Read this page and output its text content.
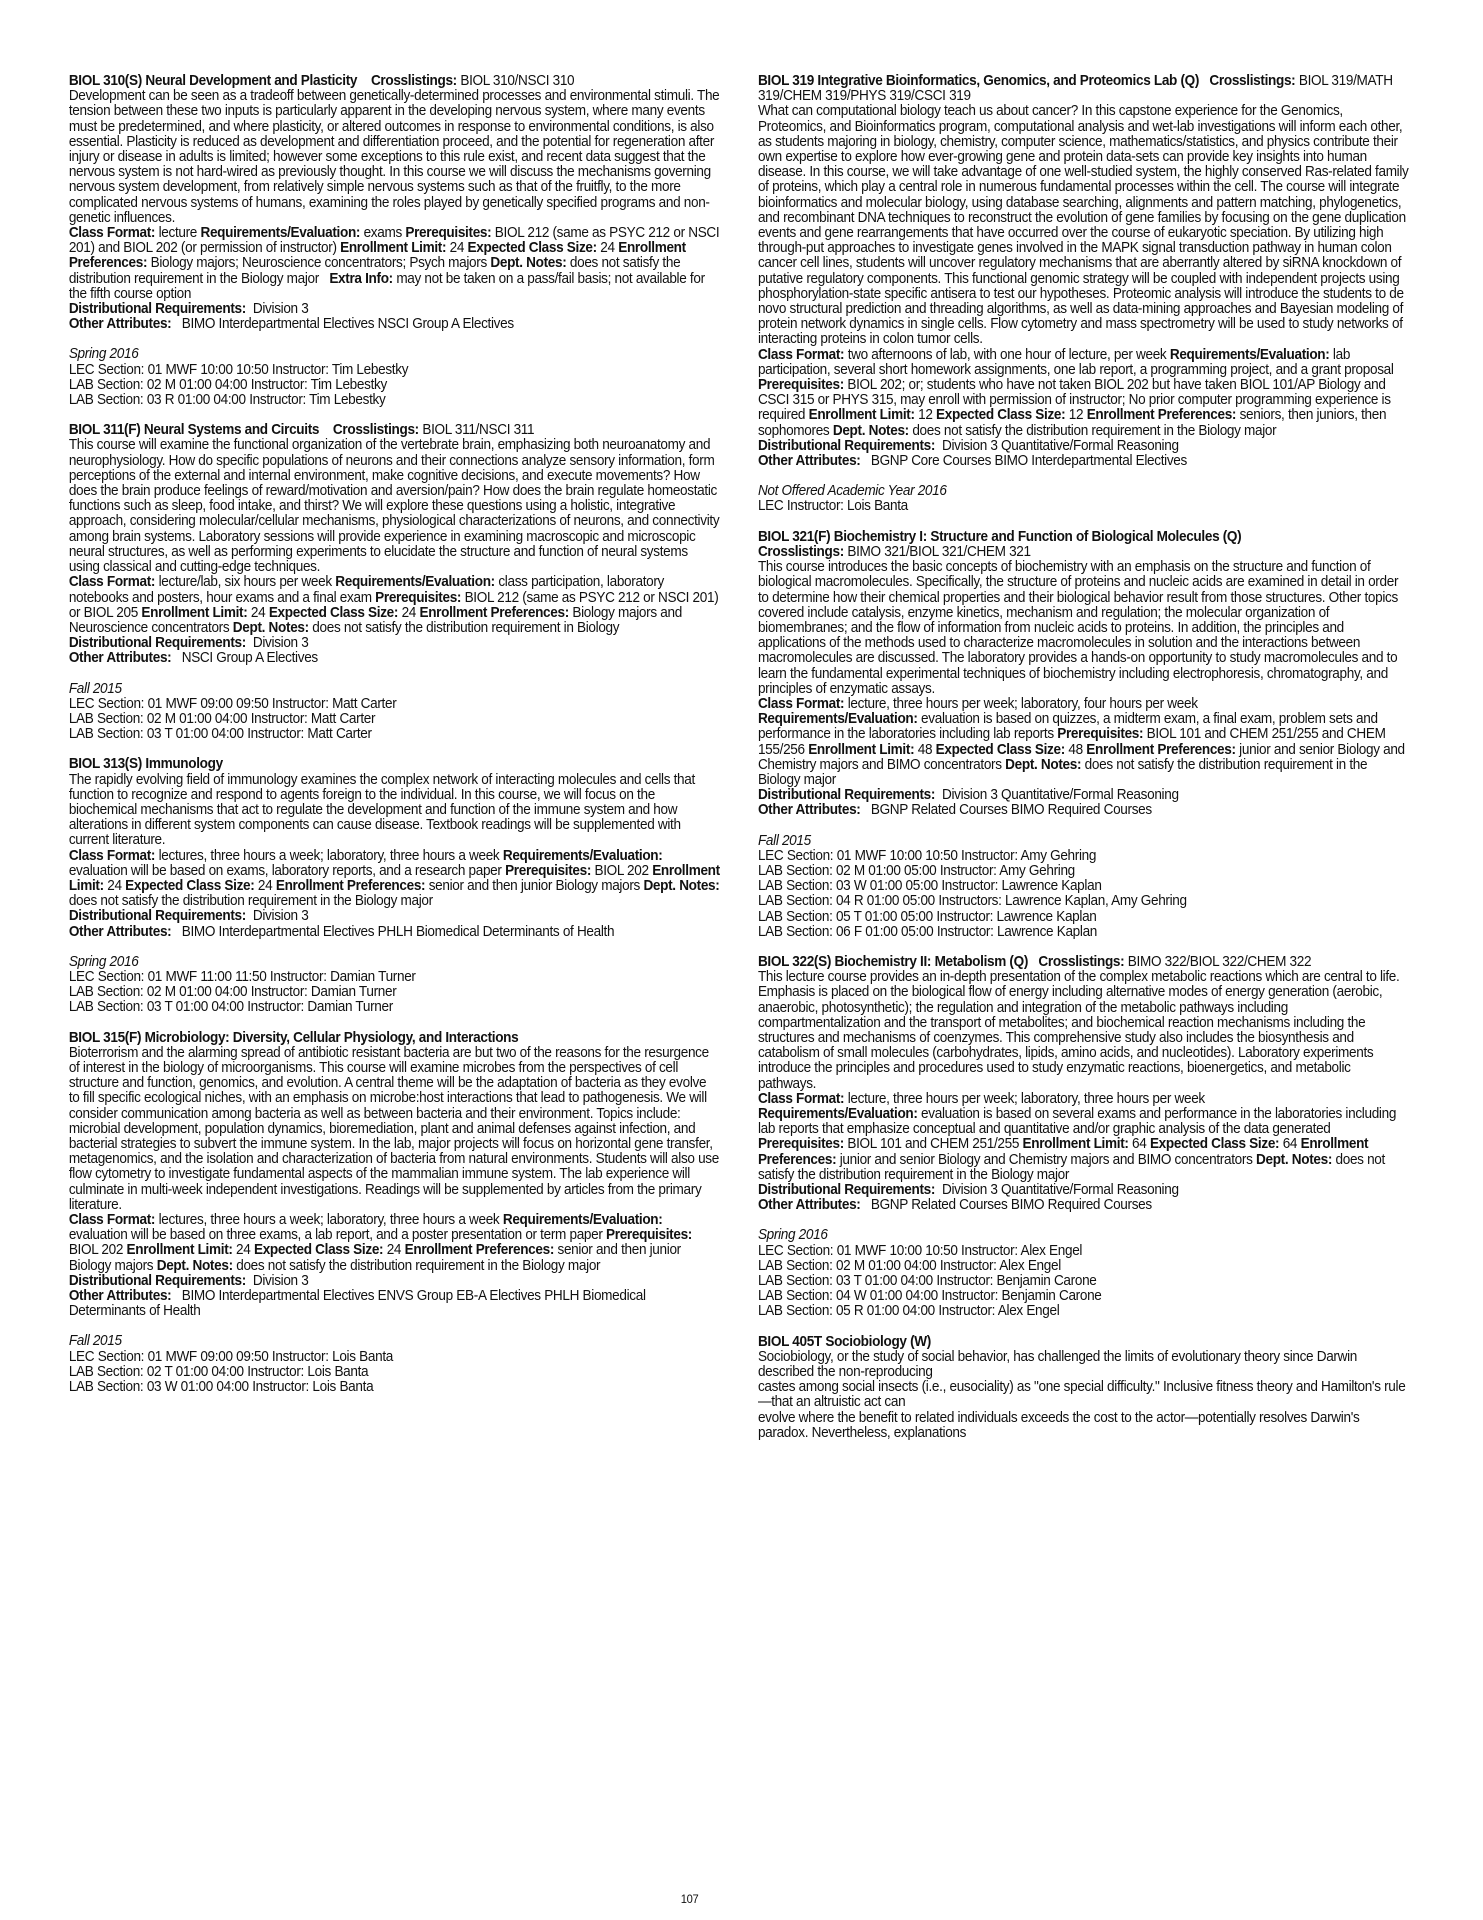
BIOL 310(S) Neural Development and Plasticity Crosslistings: BIOL 310/NSCI 310

Development can be seen as a tradeoff between genetically-determined processes and environmental stimuli. The tension between these two inputs is particularly apparent in the developing nervous system, where many events must be predetermined, and where plasticity, or altered outcomes in response to environmental conditions, is also essential. Plasticity is reduced as development and differentiation proceed, and the potential for regeneration after injury or disease in adults is limited; however some exceptions to this rule exist, and recent data suggest that the nervous system is not hard-wired as previously thought. In this course we will discuss the mechanisms governing nervous system development, from relatively simple nervous systems such as that of the fruitfly, to the more complicated nervous systems of humans, examining the roles played by genetically specified programs and non-genetic influences.

Class Format: lecture Requirements/Evaluation: exams Prerequisites: BIOL 212 (same as PSYC 212 or NSCI 201) and BIOL 202 (or permission of instructor) Enrollment Limit: 24 Expected Class Size: 24 Enrollment Preferences: Biology majors; Neuroscience concentrators; Psych majors Dept. Notes: does not satisfy the distribution requirement in the Biology major Extra Info: may not be taken on a pass/fail basis; not available for the fifth course option

Distributional Requirements: Division 3

Other Attributes: BIMO Interdepartmental Electives NSCI Group A Electives

Spring 2016

LEC Section: 01 MWF 10:00 10:50 Instructor: Tim Lebestky

LAB Section: 02 M 01:00 04:00 Instructor: Tim Lebestky

LAB Section: 03 R 01:00 04:00 Instructor: Tim Lebestky

BIOL 311(F) Neural Systems and Circuits Crosslistings: BIOL 311/NSCI 311

This course will examine the functional organization of the vertebrate brain, emphasizing both neuroanatomy and neurophysiology. How do specific populations of neurons and their connections analyze sensory information, form perceptions of the external and internal environment, make cognitive decisions, and execute movements? How does the brain produce feelings of reward/motivation and aversion/pain? How does the brain regulate homeostatic functions such as sleep, food intake, and thirst? We will explore these questions using a holistic, integrative approach, considering molecular/cellular mechanisms, physiological characterizations of neurons, and connectivity among brain systems. Laboratory sessions will provide experience in examining macroscopic and microscopic neural structures, as well as performing experiments to elucidate the structure and function of neural systems using classical and cutting-edge techniques.

Class Format: lecture/lab, six hours per week Requirements/Evaluation: class participation, laboratory notebooks and posters, hour exams and a final exam Prerequisites: BIOL 212 (same as PSYC 212 or NSCI 201) or BIOL 205 Enrollment Limit: 24 Expected Class Size: 24 Enrollment Preferences: Biology majors and Neuroscience concentrators Dept. Notes: does not satisfy the distribution requirement in Biology

Distributional Requirements: Division 3

Other Attributes: NSCI Group A Electives

Fall 2015

LEC Section: 01 MWF 09:00 09:50 Instructor: Matt Carter

LAB Section: 02 M 01:00 04:00 Instructor: Matt Carter

LAB Section: 03 T 01:00 04:00 Instructor: Matt Carter

BIOL 313(S) Immunology

The rapidly evolving field of immunology examines the complex network of interacting molecules and cells that function to recognize and respond to agents foreign to the individual. In this course, we will focus on the biochemical mechanisms that act to regulate the development and function of the immune system and how alterations in different system components can cause disease. Textbook readings will be supplemented with current literature.

Class Format: lectures, three hours a week; laboratory, three hours a week Requirements/Evaluation: evaluation will be based on exams, laboratory reports, and a research paper Prerequisites: BIOL 202 Enrollment Limit: 24 Expected Class Size: 24 Enrollment Preferences: senior and then junior Biology majors Dept. Notes: does not satisfy the distribution requirement in the Biology major

Distributional Requirements: Division 3

Other Attributes: BIMO Interdepartmental Electives PHLH Biomedical Determinants of Health

Spring 2016

LEC Section: 01 MWF 11:00 11:50 Instructor: Damian Turner

LAB Section: 02 M 01:00 04:00 Instructor: Damian Turner

LAB Section: 03 T 01:00 04:00 Instructor: Damian Turner

BIOL 315(F) Microbiology: Diversity, Cellular Physiology, and Interactions

Bioterrorism and the alarming spread of antibiotic resistant bacteria are but two of the reasons for the resurgence of interest in the biology of microorganisms. This course will examine microbes from the perspectives of cell structure and function, genomics, and evolution. A central theme will be the adaptation of bacteria as they evolve to fill specific ecological niches, with an emphasis on microbe:host interactions that lead to pathogenesis. We will consider communication among bacteria as well as between bacteria and their environment. Topics include: microbial development, population dynamics, bioremediation, plant and animal defenses against infection, and bacterial strategies to subvert the immune system. In the lab, major projects will focus on horizontal gene transfer, metagenomics, and the isolation and characterization of bacteria from natural environments. Students will also use flow cytometry to investigate fundamental aspects of the mammalian immune system. The lab experience will culminate in multi-week independent investigations. Readings will be supplemented by articles from the primary literature.

Class Format: lectures, three hours a week; laboratory, three hours a week Requirements/Evaluation: evaluation will be based on three exams, a lab report, and a poster presentation or term paper Prerequisites: BIOL 202 Enrollment Limit: 24 Expected Class Size: 24 Enrollment Preferences: senior and then junior Biology majors Dept. Notes: does not satisfy the distribution requirement in the Biology major

Distributional Requirements: Division 3

Other Attributes: BIMO Interdepartmental Electives ENVS Group EB-A Electives PHLH Biomedical Determinants of Health

Fall 2015

LEC Section: 01 MWF 09:00 09:50 Instructor: Lois Banta

LAB Section: 02 T 01:00 04:00 Instructor: Lois Banta

LAB Section: 03 W 01:00 04:00 Instructor: Lois Banta

BIOL 319 Integrative Bioinformatics, Genomics, and Proteomics Lab (Q) Crosslistings: BIOL 319/MATH 319/CHEM 319/PHYS 319/CSCI 319

What can computational biology teach us about cancer? In this capstone experience for the Genomics, Proteomics, and Bioinformatics program, computational analysis and wet-lab investigations will inform each other, as students majoring in biology, chemistry, computer science, mathematics/statistics, and physics contribute their own expertise to explore how ever-growing gene and protein data-sets can provide key insights into human disease. In this course, we will take advantage of one well-studied system, the highly conserved Ras-related family of proteins, which play a central role in numerous fundamental processes within the cell. The course will integrate bioinformatics and molecular biology, using database searching, alignments and pattern matching, phylogenetics, and recombinant DNA techniques to reconstruct the evolution of gene families by focusing on the gene duplication events and gene rearrangements that have occurred over the course of eukaryotic speciation. By utilizing high through-put approaches to investigate genes involved in the MAPK signal transduction pathway in human colon cancer cell lines, students will uncover regulatory mechanisms that are aberrantly altered by siRNA knockdown of putative regulatory components. This functional genomic strategy will be coupled with independent projects using phosphorylation-state specific antisera to test our hypotheses. Proteomic analysis will introduce the students to de novo structural prediction and threading algorithms, as well as data-mining approaches and Bayesian modeling of protein network dynamics in single cells. Flow cytometry and mass spectrometry will be used to study networks of interacting proteins in colon tumor cells.

Class Format: two afternoons of lab, with one hour of lecture, per week Requirements/Evaluation: lab participation, several short homework assignments, one lab report, a programming project, and a grant proposal Prerequisites: BIOL 202; or; students who have not taken BIOL 202 but have taken BIOL 101/AP Biology and CSCI 315 or PHYS 315, may enroll with permission of instructor; No prior computer programming experience is required Enrollment Limit: 12 Expected Class Size: 12 Enrollment Preferences: seniors, then juniors, then sophomores Dept. Notes: does not satisfy the distribution requirement in the Biology major

Distributional Requirements: Division 3 Quantitative/Formal Reasoning

Other Attributes: BGNP Core Courses BIMO Interdepartmental Electives

Not Offered Academic Year 2016

LEC Instructor: Lois Banta

BIOL 321(F) Biochemistry I: Structure and Function of Biological Molecules (Q)

Crosslistings: BIMO 321/BIOL 321/CHEM 321

This course introduces the basic concepts of biochemistry with an emphasis on the structure and function of biological macromolecules. Specifically, the structure of proteins and nucleic acids are examined in detail in order to determine how their chemical properties and their biological behavior result from those structures. Other topics covered include catalysis, enzyme kinetics, mechanism and regulation; the molecular organization of biomembranes; and the flow of information from nucleic acids to proteins. In addition, the principles and applications of the methods used to characterize macromolecules in solution and the interactions between macromolecules are discussed. The laboratory provides a hands-on opportunity to study macromolecules and to learn the fundamental experimental techniques of biochemistry including electrophoresis, chromatography, and principles of enzymatic assays.

Class Format: lecture, three hours per week; laboratory, four hours per week

Requirements/Evaluation: evaluation is based on quizzes, a midterm exam, a final exam, problem sets and performance in the laboratories including lab reports Prerequisites: BIOL 101 and CHEM 251/255 and CHEM 155/256 Enrollment Limit: 48 Expected Class Size: 48 Enrollment Preferences: junior and senior Biology and Chemistry majors and BIMO concentrators Dept. Notes: does not satisfy the distribution requirement in the Biology major

Distributional Requirements: Division 3 Quantitative/Formal Reasoning

Other Attributes: BGNP Related Courses BIMO Required Courses

Fall 2015

LEC Section: 01 MWF 10:00 10:50 Instructor: Amy Gehring

LAB Section: 02 M 01:00 05:00 Instructor: Amy Gehring

LAB Section: 03 W 01:00 05:00 Instructor: Lawrence Kaplan

LAB Section: 04 R 01:00 05:00 Instructors: Lawrence Kaplan, Amy Gehring

LAB Section: 05 T 01:00 05:00 Instructor: Lawrence Kaplan

LAB Section: 06 F 01:00 05:00 Instructor: Lawrence Kaplan

BIOL 322(S) Biochemistry II: Metabolism (Q) Crosslistings: BIMO 322/BIOL 322/CHEM 322

This lecture course provides an in-depth presentation of the complex metabolic reactions which are central to life. Emphasis is placed on the biological flow of energy including alternative modes of energy generation (aerobic, anaerobic, photosynthetic); the regulation and integration of the metabolic pathways including compartmentalization and the transport of metabolites; and biochemical reaction mechanisms including the structures and mechanisms of coenzymes. This comprehensive study also includes the biosynthesis and catabolism of small molecules (carbohydrates, lipids, amino acids, and nucleotides). Laboratory experiments introduce the principles and procedures used to study enzymatic reactions, bioenergetics, and metabolic pathways.

Class Format: lecture, three hours per week; laboratory, three hours per week

Requirements/Evaluation: evaluation is based on several exams and performance in the laboratories including lab reports that emphasize conceptual and quantitative and/or graphic analysis of the data generated Prerequisites: BIOL 101 and CHEM 251/255 Enrollment Limit: 64 Expected Class Size: 64 Enrollment Preferences: junior and senior Biology and Chemistry majors and BIMO concentrators Dept. Notes: does not satisfy the distribution requirement in the Biology major

Distributional Requirements: Division 3 Quantitative/Formal Reasoning

Other Attributes: BGNP Related Courses BIMO Required Courses

Spring 2016

LEC Section: 01 MWF 10:00 10:50 Instructor: Alex Engel

LAB Section: 02 M 01:00 04:00 Instructor: Alex Engel

LAB Section: 03 T 01:00 04:00 Instructor: Benjamin Carone

LAB Section: 04 W 01:00 04:00 Instructor: Benjamin Carone

LAB Section: 05 R 01:00 04:00 Instructor: Alex Engel

BIOL 405T Sociobiology (W)

Sociobiology, or the study of social behavior, has challenged the limits of evolutionary theory since Darwin described the non-reproducing

castes among social insects (i.e., eusociality) as "one special difficulty." Inclusive fitness theory and Hamilton's rule—that an altruistic act can

evolve where the benefit to related individuals exceeds the cost to the actor—potentially resolves Darwin's paradox. Nevertheless, explanations

107
